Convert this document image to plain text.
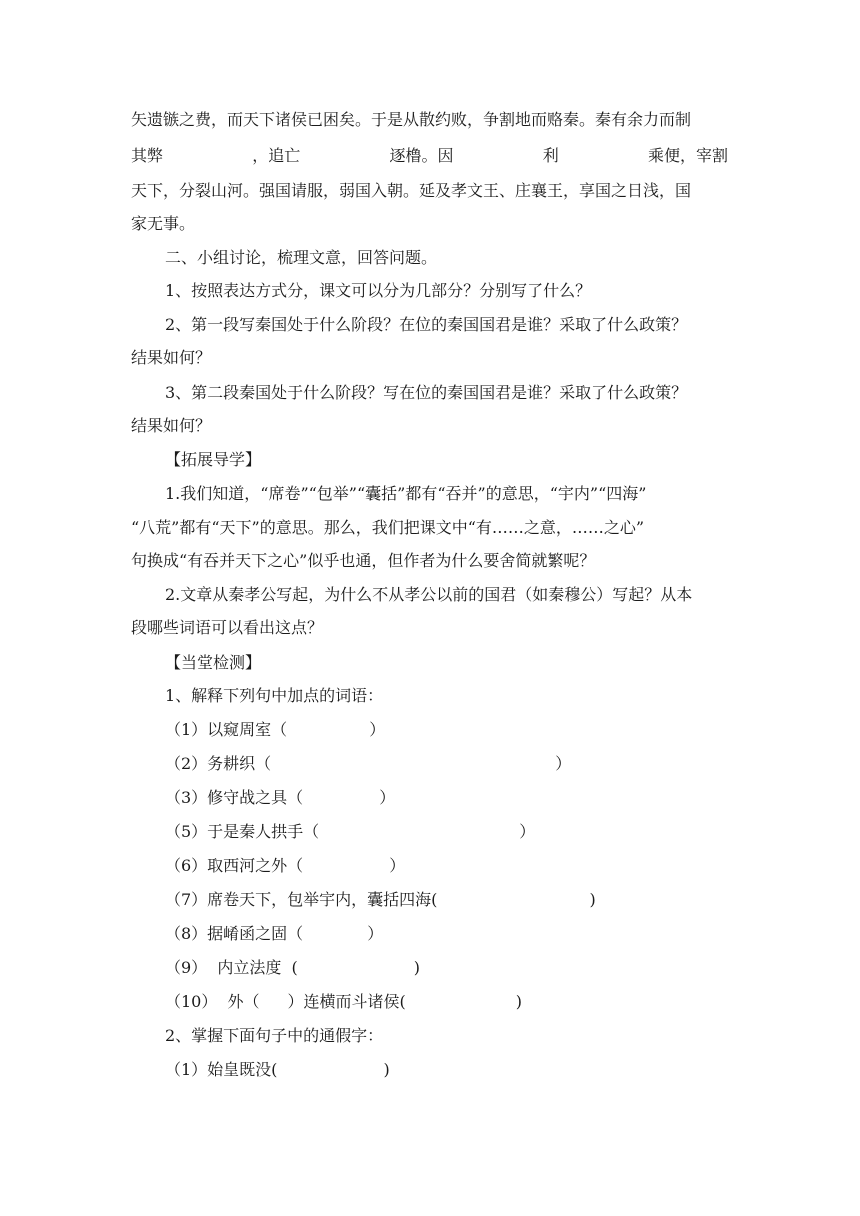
矢遗镞之费，而天下诸侯已困矣。于是从散约败，争割地而赂秦。秦有余力而制
其弊	，追亡	逐橹。因	利	乘便，宰割
天下，分裂山河。强国请服，弱国入朝。延及孝文王、庄襄王，享国之日浅，国
家无事。
二、小组讨论，梳理文意，回答问题。
1、按照表达方式分，课文可以分为几部分？分别写了什么？
2、第一段写秦国处于什么阶段？在位的秦国国君是谁？采取了什么政策？
结果如何？
3、第二段秦国处于什么阶段？写在位的秦国国君是谁？采取了什么政策？
结果如何？
【拓展导学】
1.我们知道，“席卷”“包举”“囊括”都有“吞并”的意思，“宇内”“四海”
“八荒”都有“天下”的意思。那么，我们把课文中“有……之意，……之心”
句换成“有吞并天下之心”似乎也通，但作者为什么要舍简就繁呢？
2.文章从秦孝公写起，为什么不从孝公以前的国君（如秦穆公）写起？从本
段哪些词语可以看出这点？
【当堂检测】
1、解释下列句中加点的词语：
（1）以窥周室（	）
（2）务耕织（	）
（3）修守战之具（	）
（5）于是秦人拱手（	）
（6）取西河之外（	）
（7）席卷天下，包举宇内，囊括四海(	)
（8）据崤函之固（	）
（9）  内立法度  (	)
（10）  外（ ）连横而斗诸侯(	)
2、掌握下面句子中的通假字：
（1）始皇既没(	)
